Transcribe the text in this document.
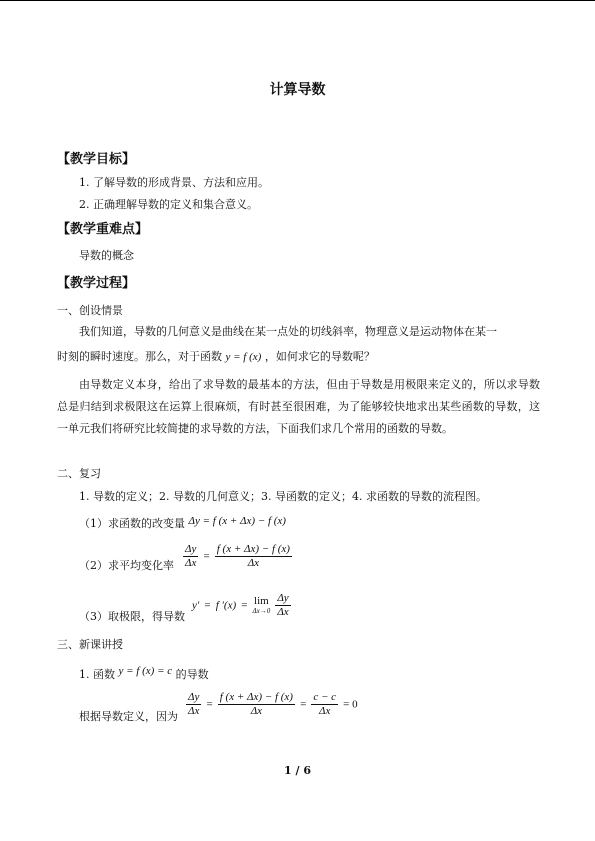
计算导数
【教学目标】
1. 了解导数的形成背景、方法和应用。
2. 正确理解导数的定义和集合意义。
【教学重难点】
导数的概念
【教学过程】
一、创设情景
我们知道，导数的几何意义是曲线在某一点处的切线斜率，物理意义是运动物体在某一
时刻的瞬时速度。那么，对于函数 y = f (x) ，如何求它的导数呢？
由导数定义本身，给出了求导数的最基本的方法，但由于导数是用极限来定义的，所以求导数总是归结到求极限这在运算上很麻烦，有时甚至很困难，为了能够较快地求出某些函数的导数，这一单元我们将研究比较简捷的求导数的方法，下面我们求几个常用的函数的导数。
二、复习
1. 导数的定义；2. 导数的几何意义；3. 导函数的定义；4. 求函数的导数的流程图。
（1）求函数的改变量 Δy = f (x + Δx) − f (x)
（2）求平均变化率 $\frac{\Delta y}{\Delta x} = \frac{f (x + \Delta x) - f (x)}{\Delta x}$
（3）取极限，得导数
y′ = f ′(x) = lim
Δx→0
$\frac{\Delta y}{\Delta x}$
三、新课讲授
1. 函数 y = f (x) = c 的导数
根据导数定义，因为 $\frac{\Delta y}{\Delta x} = \frac{f (x + \Delta x) - f (x)}{\Delta x} = \frac{c - c}{\Delta x} = 0$
1 / 6
